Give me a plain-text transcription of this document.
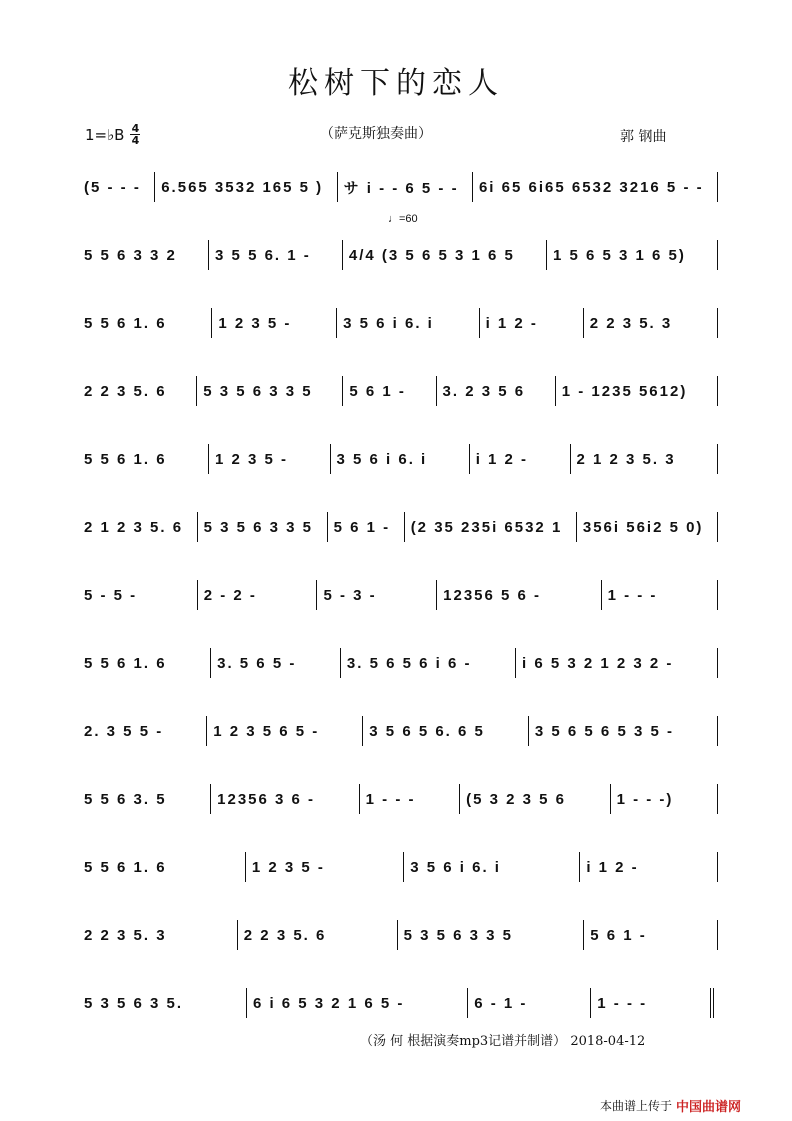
松树下的恋人
1=♭B $\frac{4}{4}$	（萨克斯独奏曲）	郭 钢曲
♩=60
(5 - - -	6.565 3532 165 5 )	サ i - - 6 5 - -	6i 65 6i65 6532 3216 5 - -
5 5 6 3 3 2	3 5 5 6. 1 -	4/4 (3 5 6 5 3 1 6 5	1 5 6 5 3 1 6 5)
5 5 6 1. 6	1 2 3 5 -	3 5 6 i 6. i	i 1 2 -	2 2 3 5. 3
2 2 3 5. 6	5 3 5 6 3 3 5	5 6 1 -	3. 2 3 5 6	1 - 1235 5612)
5 5 6 1. 6	1 2 3 5 -	3 5 6 i 6. i	i 1 2 -	2 1 2 3 5. 3
2 1 2 3 5. 6	5 3 5 6 3 3 5	5 6 1 -	(2 35 235i 6532 1	356i 56i2 5 0)
5 - 5 -	2 - 2 -	5 - 3 -	12356 5 6 -	1 - - -
5 5 6 1. 6	3. 5 6 5 -	3. 5 6 5 6 i 6 -	i 6 5 3 2 1 2 3 2 -
2. 3 5 5 -	1 2 3 5 6 5 -	3 5 6 5 6. 6 5	3 5 6 5 6 5 3 5 -
5 5 6 3. 5	12356 3 6 -	1 - - -	(5 3 2 3 5 6	1 - - -)
5 5 6 1. 6	1 2 3 5 -	3 5 6 i 6. i	i 1 2 -
2 2 3 5. 3	2 2 3 5. 6	5 3 5 6 3 3 5	5 6 1 -
5 3 5 6 3 5.	6 i 6 5 3 2 1 6 5 -	6 - 1 -	1 - - -
（汤 何 根据演奏mp3记谱并制谱） 2018-04-12
本曲谱上传于 中国曲谱网
